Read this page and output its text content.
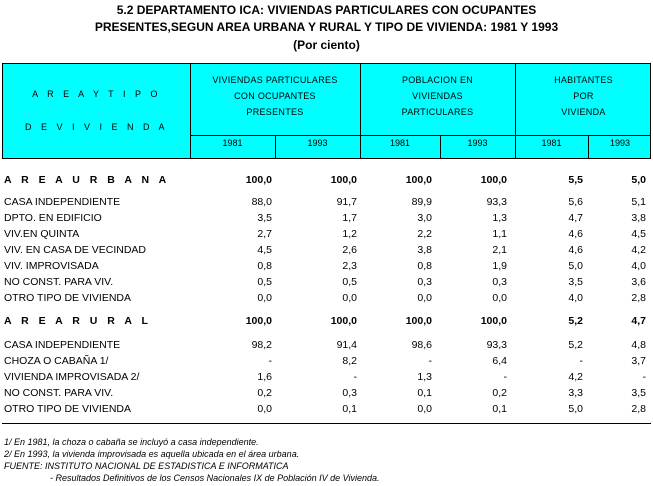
5.2 DEPARTAMENTO ICA: VIVIENDAS PARTICULARES CON OCUPANTES
PRESENTES,SEGUN AREA URBANA Y RURAL Y TIPO DE VIVIENDA: 1981 Y 1993
(Por ciento)
A R E A Y T I P O
D E V I V I E N D A
VIVIENDAS PARTICULARES
CON OCUPANTES
PRESENTES
POBLACION EN
VIVIENDAS
PARTICULARES
HABITANTES
POR
VIVIENDA
1981	1993	1981	1993	1981	1993
A R E A U R B A N A	100,0	100,0	100,0	100,0	5,5	5,0
CASA INDEPENDIENTE	88,0	91,7	89,9	93,3	5,6	5,1
DPTO. EN EDIFICIO	3,5	1,7	3,0	1,3	4,7	3,8
VIV.EN QUINTA	2,7	1,2	2,2	1,1	4,6	4,5
VIV. EN CASA DE VECINDAD	4,5	2,6	3,8	2,1	4,6	4,2
VIV. IMPROVISADA	0,8	2,3	0,8	1,9	5,0	4,0
NO CONST. PARA VIV.	0,5	0,5	0,3	0,3	3,5	3,6
OTRO TIPO DE VIVIENDA	0,0	0,0	0,0	0,0	4,0	2,8
A R E A R U R A L	100,0	100,0	100,0	100,0	5,2	4,7
CASA INDEPENDIENTE	98,2	91,4	98,6	93,3	5,2	4,8
CHOZA O CABAÑA 1/	-	8,2	-	6,4	-	3,7
VIVIENDA IMPROVISADA 2/	1,6	-	1,3	-	4,2	-
NO CONST. PARA VIV.	0,2	0,3	0,1	0,2	3,3	3,5
OTRO TIPO DE VIVIENDA	0,0	0,1	0,0	0,1	5,0	2,8
1/ En 1981, la choza o cabaña se incluyó a casa independiente.
2/ En 1993, la vivienda improvisada es aquella ubicada en el área urbana.
FUENTE: INSTITUTO NACIONAL DE ESTADISTICA E INFORMATICA
- Resultados Definitivos de los Censos Nacionales IX de Población IV de Vivienda.
